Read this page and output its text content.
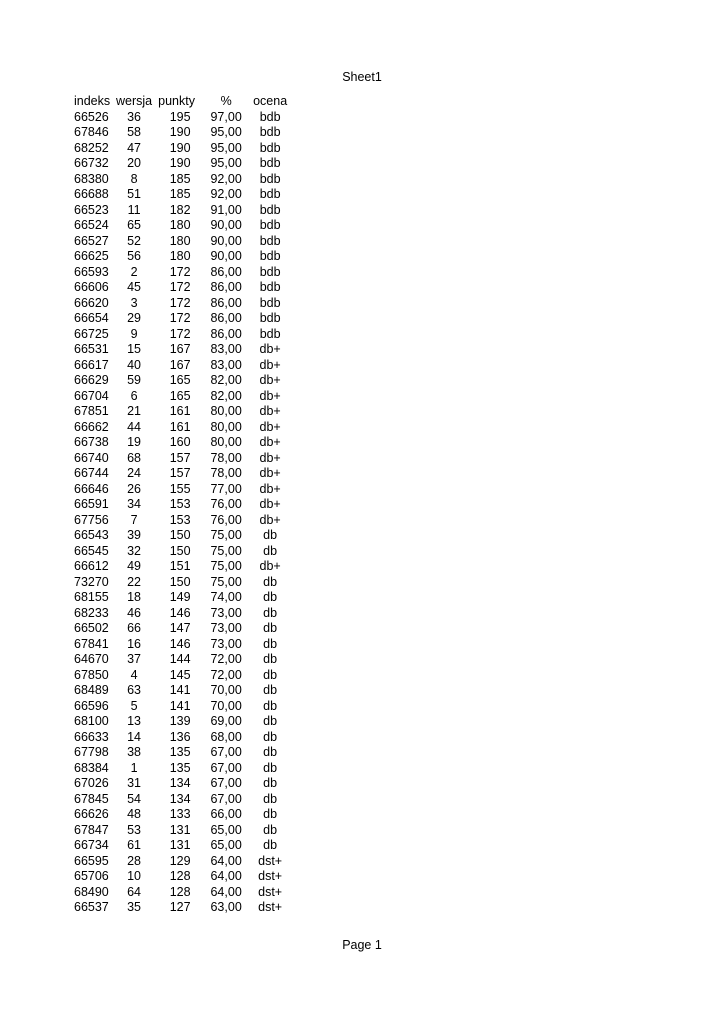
Sheet1
indeks	wersja	punkty	%	ocena
66526	36	195	97,00	bdb
67846	58	190	95,00	bdb
68252	47	190	95,00	bdb
66732	20	190	95,00	bdb
68380	8	185	92,00	bdb
66688	51	185	92,00	bdb
66523	11	182	91,00	bdb
66524	65	180	90,00	bdb
66527	52	180	90,00	bdb
66625	56	180	90,00	bdb
66593	2	172	86,00	bdb
66606	45	172	86,00	bdb
66620	3	172	86,00	bdb
66654	29	172	86,00	bdb
66725	9	172	86,00	bdb
66531	15	167	83,00	db+
66617	40	167	83,00	db+
66629	59	165	82,00	db+
66704	6	165	82,00	db+
67851	21	161	80,00	db+
66662	44	161	80,00	db+
66738	19	160	80,00	db+
66740	68	157	78,00	db+
66744	24	157	78,00	db+
66646	26	155	77,00	db+
66591	34	153	76,00	db+
67756	7	153	76,00	db+
66543	39	150	75,00	db
66545	32	150	75,00	db
66612	49	151	75,00	db+
73270	22	150	75,00	db
68155	18	149	74,00	db
68233	46	146	73,00	db
66502	66	147	73,00	db
67841	16	146	73,00	db
64670	37	144	72,00	db
67850	4	145	72,00	db
68489	63	141	70,00	db
66596	5	141	70,00	db
68100	13	139	69,00	db
66633	14	136	68,00	db
67798	38	135	67,00	db
68384	1	135	67,00	db
67026	31	134	67,00	db
67845	54	134	67,00	db
66626	48	133	66,00	db
67847	53	131	65,00	db
66734	61	131	65,00	db
66595	28	129	64,00	dst+
65706	10	128	64,00	dst+
68490	64	128	64,00	dst+
66537	35	127	63,00	dst+
Page 1
